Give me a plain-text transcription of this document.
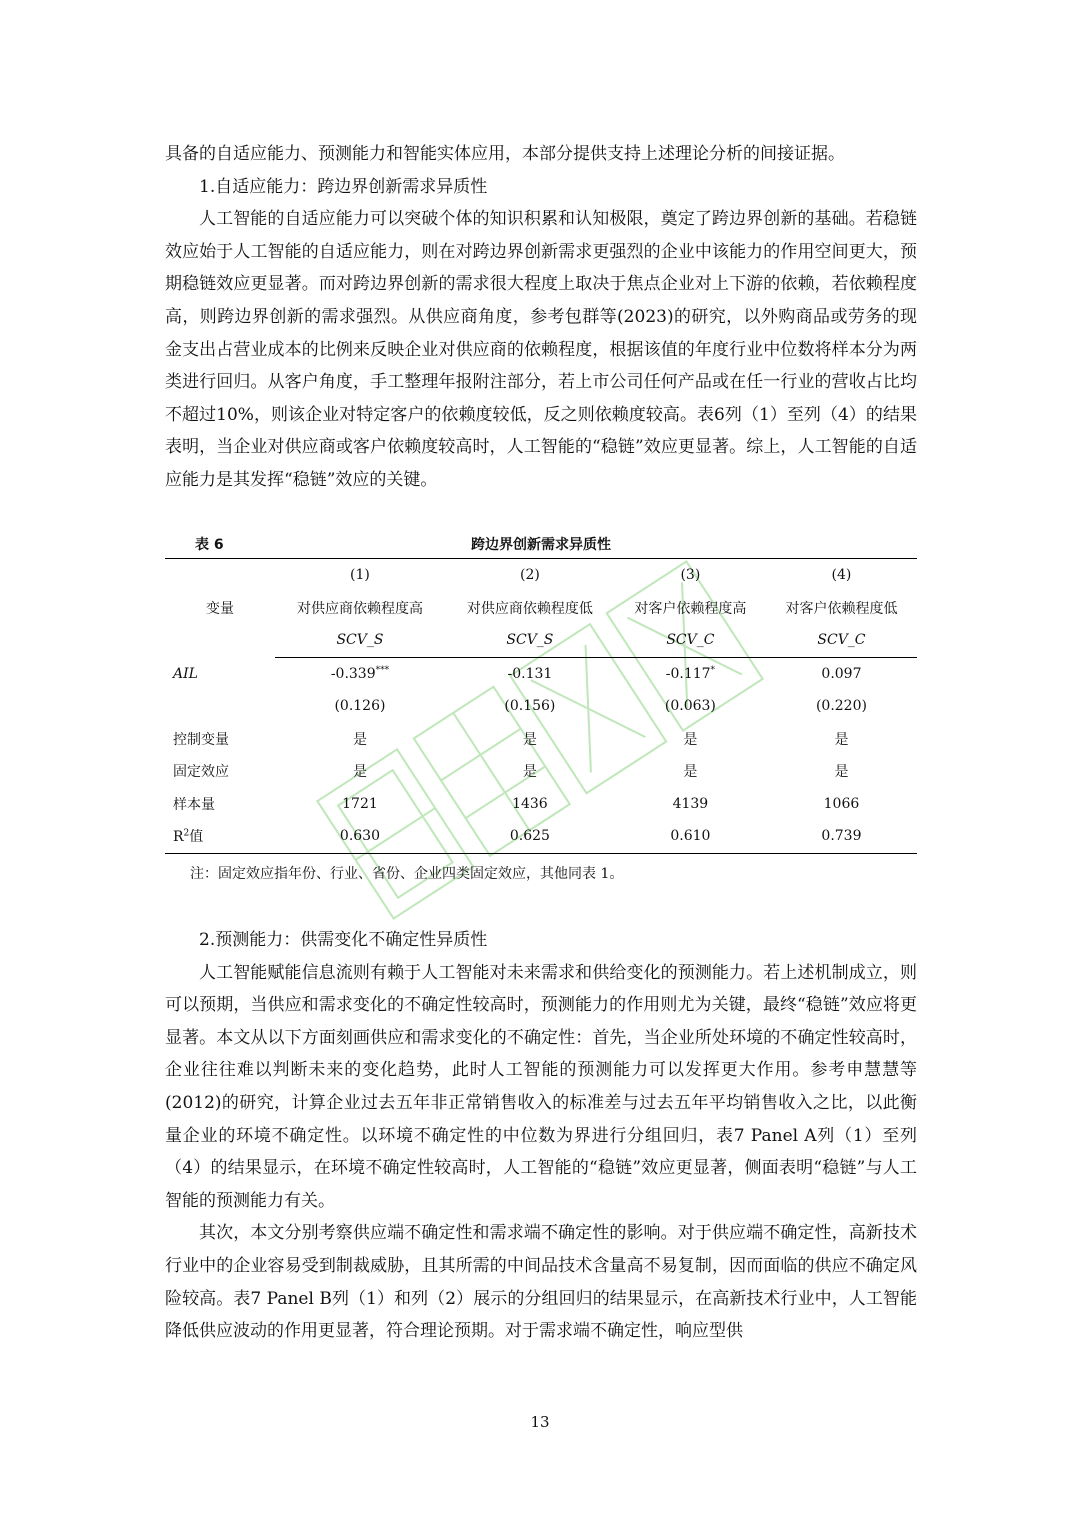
具备的自适应能力、预测能力和智能实体应用，本部分提供支持上述理论分析的间接证据。

1.自适应能力：跨边界创新需求异质性

人工智能的自适应能力可以突破个体的知识积累和认知极限，奠定了跨边界创新的基础。若稳链效应始于人工智能的自适应能力，则在对跨边界创新需求更强烈的企业中该能力的作用空间更大，预期稳链效应更显著。而对跨边界创新的需求很大程度上取决于焦点企业对上下游的依赖，若依赖程度高，则跨边界创新的需求强烈。从供应商角度，参考包群等(2023)的研究，以外购商品或劳务的现金支出占营业成本的比例来反映企业对供应商的依赖程度，根据该值的年度行业中位数将样本分为两类进行回归。从客户角度，手工整理年报附注部分，若上市公司任何产品或在任一行业的营收占比均不超过10%，则该企业对特定客户的依赖度较低，反之则依赖度较高。表6列（1）至列（4）的结果表明，当企业对供应商或客户依赖度较高时，人工智能的“稳链”效应更显著。综上，人工智能的自适应能力是其发挥“稳链”效应的关键。

表 6	跨边界创新需求异质性
变量	(1)	(2)	(3)	(4)
	对供应商依赖程度高	对供应商依赖程度低	对客户依赖程度高	对客户依赖程度低
	SCV_S	SCV_S	SCV_C	SCV_C
AIL	-0.339***	-0.131	-0.117*	0.097
	(0.126)	(0.156)	(0.063)	(0.220)
控制变量	是	是	是	是
固定效应	是	是	是	是
样本量	1721	1436	4139	1066
$R^2$值	0.630	0.625	0.610	0.739
注：固定效应指年份、行业、省份、企业四类固定效应，其他同表 1。
2.预测能力：供需变化不确定性异质性

人工智能赋能信息流则有赖于人工智能对未来需求和供给变化的预测能力。若上述机制成立，则可以预期，当供应和需求变化的不确定性较高时，预测能力的作用则尤为关键，最终“稳链”效应将更显著。本文从以下方面刻画供应和需求变化的不确定性：首先，当企业所处环境的不确定性较高时，企业往往难以判断未来的变化趋势，此时人工智能的预测能力可以发挥更大作用。参考申慧慧等(2012)的研究，计算企业过去五年非正常销售收入的标准差与过去五年平均销售收入之比，以此衡量企业的环境不确定性。以环境不确定性的中位数为界进行分组回归，表7 Panel A列（1）至列（4）的结果显示，在环境不确定性较高时，人工智能的“稳链”效应更显著，侧面表明“稳链”与人工智能的预测能力有关。

其次，本文分别考察供应端不确定性和需求端不确定性的影响。对于供应端不确定性，高新技术行业中的企业容易受到制裁威胁，且其所需的中间品技术含量高不易复制，因而面临的供应不确定风险较高。表7 Panel B列（1）和列（2）展示的分组回归的结果显示，在高新技术行业中，人工智能降低供应波动的作用更显著，符合理论预期。对于需求端不确定性，响应型供

13
